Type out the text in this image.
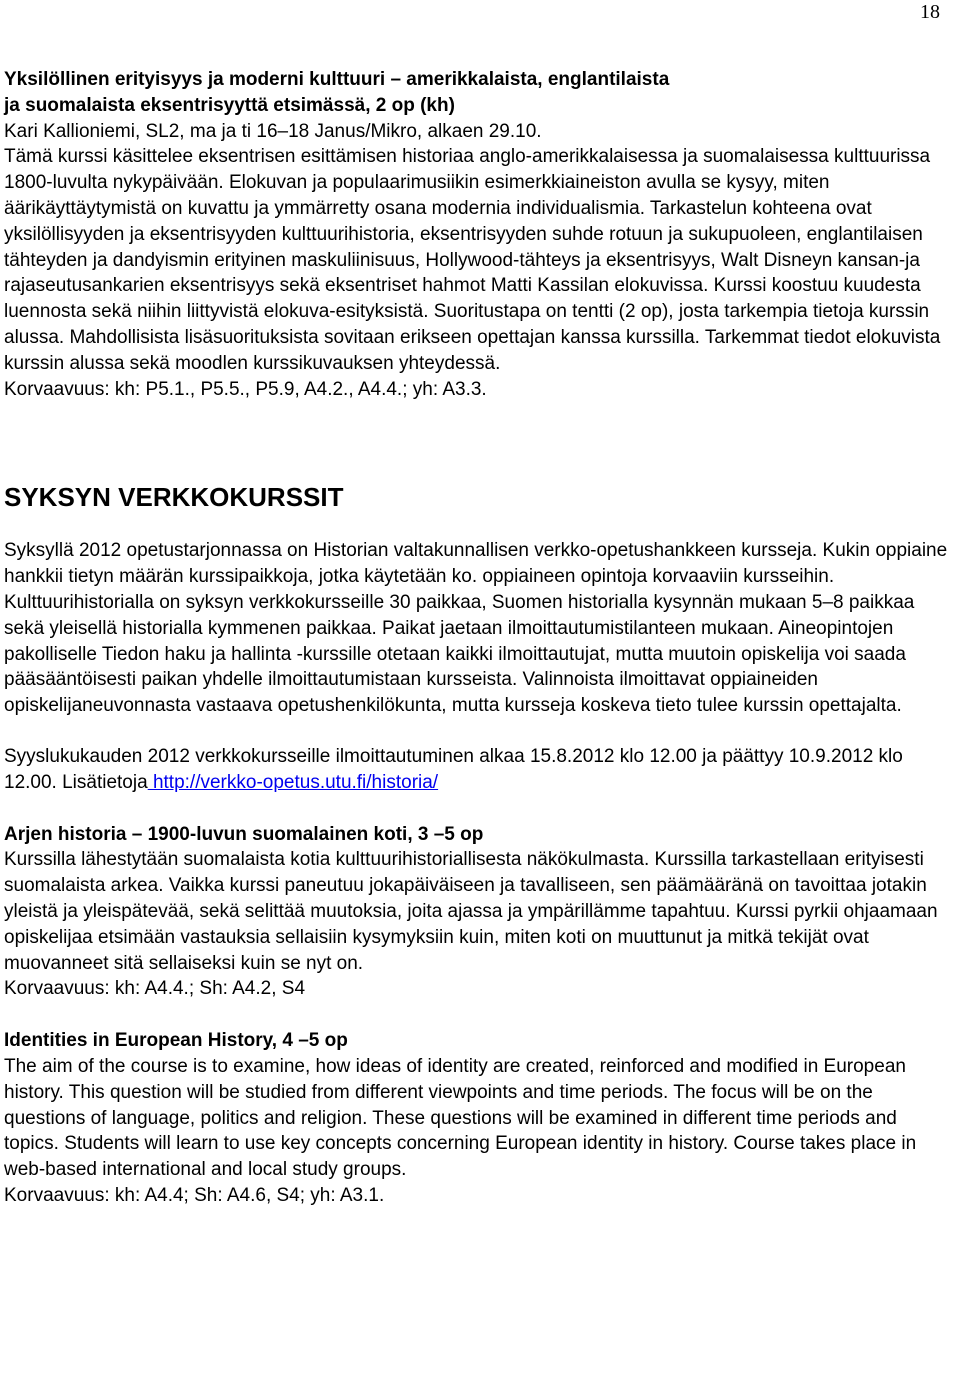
18

Yksilöllinen erityisyys ja moderni kulttuuri – amerikkalaista, englantilaista

ja suomalaista eksentrisyyttä etsimässä, 2 op (kh)

Kari Kallioniemi, SL2, ma ja ti 16–18 Janus/Mikro, alkaen 29.10.

Tämä kurssi käsittelee eksentrisen esittämisen historiaa anglo-amerikkalaisessa ja suomalaisessa kulttuurissa 1800-luvulta nykypäivään. Elokuvan ja populaarimusiikin esimerkkiaineiston avulla se kysyy, miten äärikäyttäytymistä on kuvattu ja ymmärretty osana modernia individualismia. Tarkastelun kohteena ovat yksilöllisyyden ja eksentrisyyden kulttuurihistoria, eksentrisyyden suhde rotuun ja sukupuoleen, englantilaisen tähteyden ja dandyismin erityinen maskuliinisuus, Hollywood-tähteys ja eksentrisyys, Walt Disneyn kansan-ja rajaseutusankarien eksentrisyys sekä eksentriset hahmot Matti Kassilan elokuvissa. Kurssi koostuu kuudesta luennosta sekä niihin liittyvistä elokuva-esityksistä. Suoritustapa on tentti (2 op), josta tarkempia tietoja kurssin alussa. Mahdollisista lisäsuorituksista sovitaan erikseen opettajan kanssa kurssilla. Tarkemmat tiedot elokuvista kurssin alussa sekä moodlen kurssikuvauksen yhteydessä.

Korvaavuus: kh: P5.1., P5.5., P5.9, A4.2., A4.4.; yh: A3.3.

SYKSYN VERKKOKURSSIT

Syksyllä 2012 opetustarjonnassa on Historian valtakunnallisen verkko-opetushankkeen kursseja. Kukin oppiaine hankkii tietyn määrän kurssipaikkoja, jotka käytetään ko. oppiaineen opintoja korvaaviin kursseihin. Kulttuurihistorialla on syksyn verkkokursseille 30 paikkaa, Suomen historialla kysynnän mukaan 5–8 paikkaa sekä yleisellä historialla kymmenen paikkaa. Paikat jaetaan ilmoittautumistilanteen mukaan. Aineopintojen pakolliselle Tiedon haku ja hallinta -kurssille otetaan kaikki ilmoittautujat, mutta muutoin opiskelija voi saada pääsääntöisesti paikan yhdelle ilmoittautumistaan kursseista. Valinnoista ilmoittavat oppiaineiden opiskelijaneuvonnasta vastaava opetushenkilökunta, mutta kursseja koskeva tieto tulee kurssin opettajalta.

Syyslukukauden 2012 verkkokursseille ilmoittautuminen alkaa 15.8.2012 klo 12.00 ja päättyy 10.9.2012 klo 12.00. Lisätietoja http://verkko-opetus.utu.fi/historia/

Arjen historia – 1900-luvun suomalainen koti, 3 –5 op

Kurssilla lähestytään suomalaista kotia kulttuurihistoriallisesta näkökulmasta. Kurssilla tarkastellaan erityisesti suomalaista arkea. Vaikka kurssi paneutuu jokapäiväiseen ja tavalliseen, sen päämääränä on tavoittaa jotakin yleistä ja yleispätevää, sekä selittää muutoksia, joita ajassa ja ympärillämme tapahtuu. Kurssi pyrkii ohjaamaan opiskelijaa etsimään vastauksia sellaisiin kysymyksiin kuin, miten koti on muuttunut ja mitkä tekijät ovat muovanneet sitä sellaiseksi kuin se nyt on.

Korvaavuus: kh: A4.4.; Sh: A4.2, S4

Identities in European History, 4 –5 op

The aim of the course is to examine, how ideas of identity are created, reinforced and modified in European history. This question will be studied from different viewpoints and time periods. The focus will be on the questions of language, politics and religion. These questions will be examined in different time periods and topics. Students will learn to use key concepts concerning European identity in history. Course takes place in web-based international and local study groups.

Korvaavuus: kh: A4.4; Sh: A4.6, S4; yh: A3.1.
